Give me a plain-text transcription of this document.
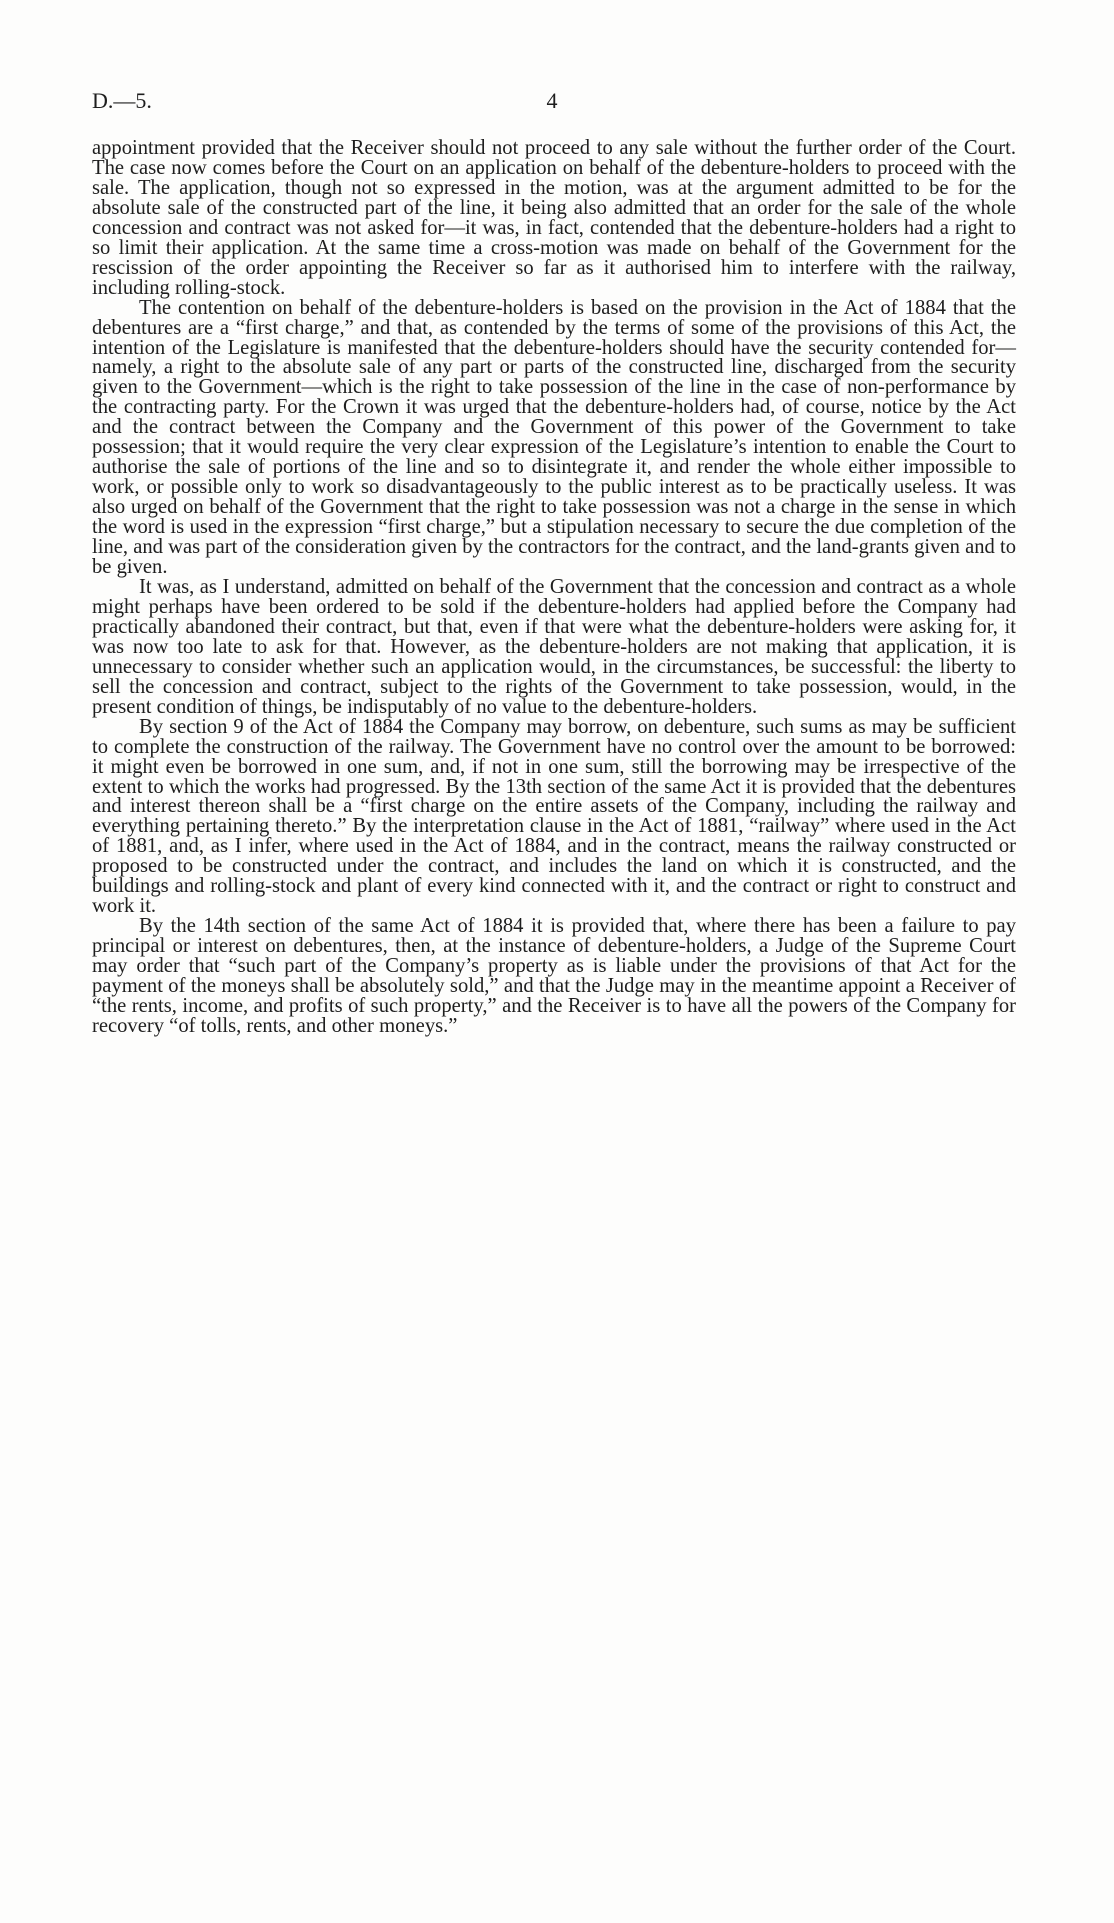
D.—5.	4

appointment provided that the Receiver should not proceed to any sale without the further order of the Court. The case now comes before the Court on an application on behalf of the debenture-holders to proceed with the sale. The application, though not so expressed in the motion, was at the argument admitted to be for the absolute sale of the constructed part of the line, it being also admitted that an order for the sale of the whole concession and contract was not asked for—it was, in fact, contended that the debenture-holders had a right to so limit their application. At the same time a cross-motion was made on behalf of the Government for the rescission of the order appointing the Receiver so far as it authorised him to interfere with the railway, including rolling-stock.

The contention on behalf of the debenture-holders is based on the provision in the Act of 1884 that the debentures are a “first charge,” and that, as contended by the terms of some of the provisions of this Act, the intention of the Legislature is manifested that the debenture-holders should have the security contended for—namely, a right to the absolute sale of any part or parts of the constructed line, discharged from the security given to the Government—which is the right to take possession of the line in the case of non-performance by the contracting party. For the Crown it was urged that the debenture-holders had, of course, notice by the Act and the contract between the Company and the Government of this power of the Government to take possession; that it would require the very clear expression of the Legislature’s intention to enable the Court to authorise the sale of portions of the line and so to disintegrate it, and render the whole either impossible to work, or possible only to work so disadvantageously to the public interest as to be practically useless. It was also urged on behalf of the Government that the right to take possession was not a charge in the sense in which the word is used in the expression “first charge,” but a stipulation necessary to secure the due completion of the line, and was part of the consideration given by the contractors for the contract, and the land-grants given and to be given.

It was, as I understand, admitted on behalf of the Government that the concession and contract as a whole might perhaps have been ordered to be sold if the debenture-holders had applied before the Company had practically abandoned their contract, but that, even if that were what the debenture-holders were asking for, it was now too late to ask for that. However, as the debenture-holders are not making that application, it is unnecessary to consider whether such an application would, in the circumstances, be successful: the liberty to sell the concession and contract, subject to the rights of the Government to take possession, would, in the present condition of things, be indisputably of no value to the debenture-holders.

By section 9 of the Act of 1884 the Company may borrow, on debenture, such sums as may be sufficient to complete the construction of the railway. The Government have no control over the amount to be borrowed: it might even be borrowed in one sum, and, if not in one sum, still the borrowing may be irrespective of the extent to which the works had progressed. By the 13th section of the same Act it is provided that the debentures and interest thereon shall be a “first charge on the entire assets of the Company, including the railway and everything pertaining thereto.” By the interpretation clause in the Act of 1881, “railway” where used in the Act of 1881, and, as I infer, where used in the Act of 1884, and in the contract, means the railway constructed or proposed to be constructed under the contract, and includes the land on which it is constructed, and the buildings and rolling-stock and plant of every kind connected with it, and the contract or right to construct and work it.

By the 14th section of the same Act of 1884 it is provided that, where there has been a failure to pay principal or interest on debentures, then, at the instance of debenture-holders, a Judge of the Supreme Court may order that “such part of the Company’s property as is liable under the provisions of that Act for the payment of the moneys shall be absolutely sold,” and that the Judge may in the meantime appoint a Receiver of “the rents, income, and profits of such property,” and the Receiver is to have all the powers of the Company for recovery “of tolls, rents, and other moneys.”
